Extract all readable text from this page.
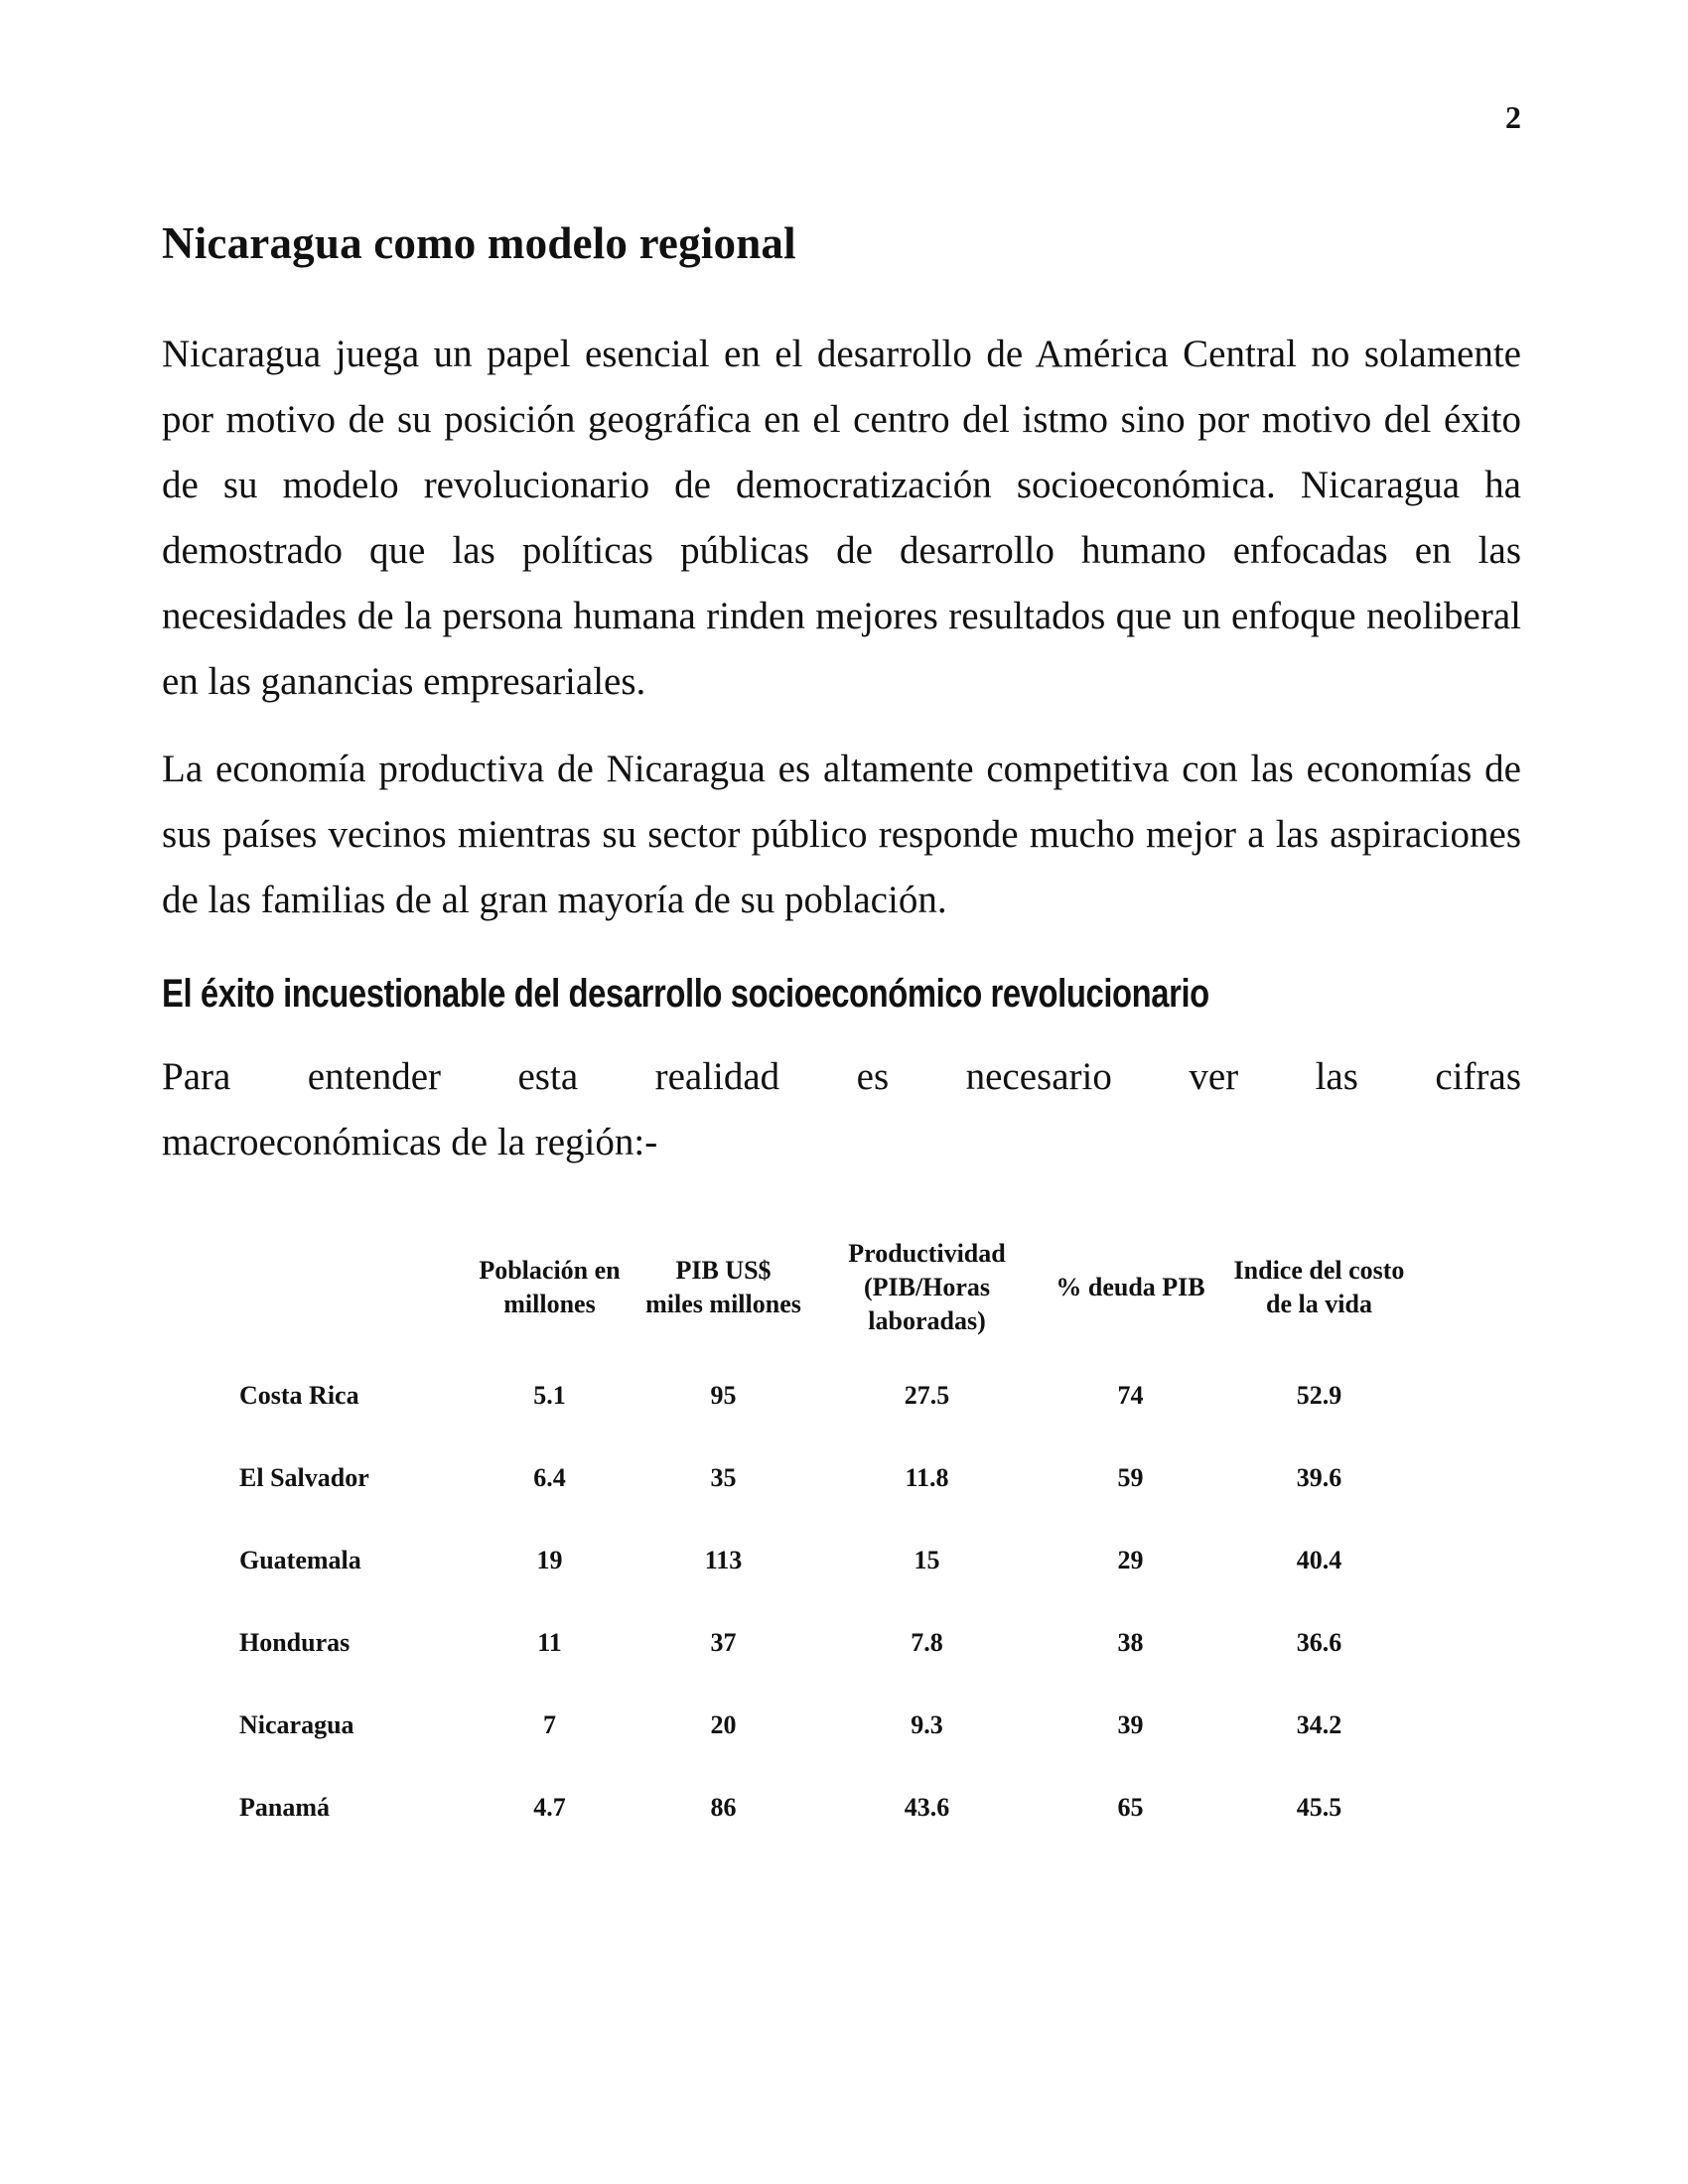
2
Nicaragua como modelo regional

Nicaragua juega un papel esencial en el desarrollo de América Central no solamente por motivo de su posición geográfica en el centro del istmo sino por motivo del éxito de su modelo revolucionario de democratización socioeconómica. Nicaragua ha demostrado que las políticas públicas de desarrollo humano enfocadas en las necesidades de la persona humana rinden mejores resultados que un enfoque neoliberal en las ganancias empresariales.

La economía productiva de Nicaragua es altamente competitiva con las economías de sus países vecinos mientras su sector público responde mucho mejor a las aspiraciones de las familias de al gran mayoría de su población.

El éxito incuestionable del desarrollo socioeconómico revolucionario
Para entender esta realidad es necesario ver las cifras
macroeconómicas de la región:-
	Población en millones	PIB US$ miles millones	Productividad (PIB/Horas laboradas)	% deuda PIB	Indice del costo de la vida
Costa Rica	5.1	95	27.5	74	52.9
El Salvador	6.4	35	11.8	59	39.6
Guatemala	19	113	15	29	40.4
Honduras	11	37	7.8	38	36.6
Nicaragua	7	20	9.3	39	34.2
Panamá	4.7	86	43.6	65	45.5
